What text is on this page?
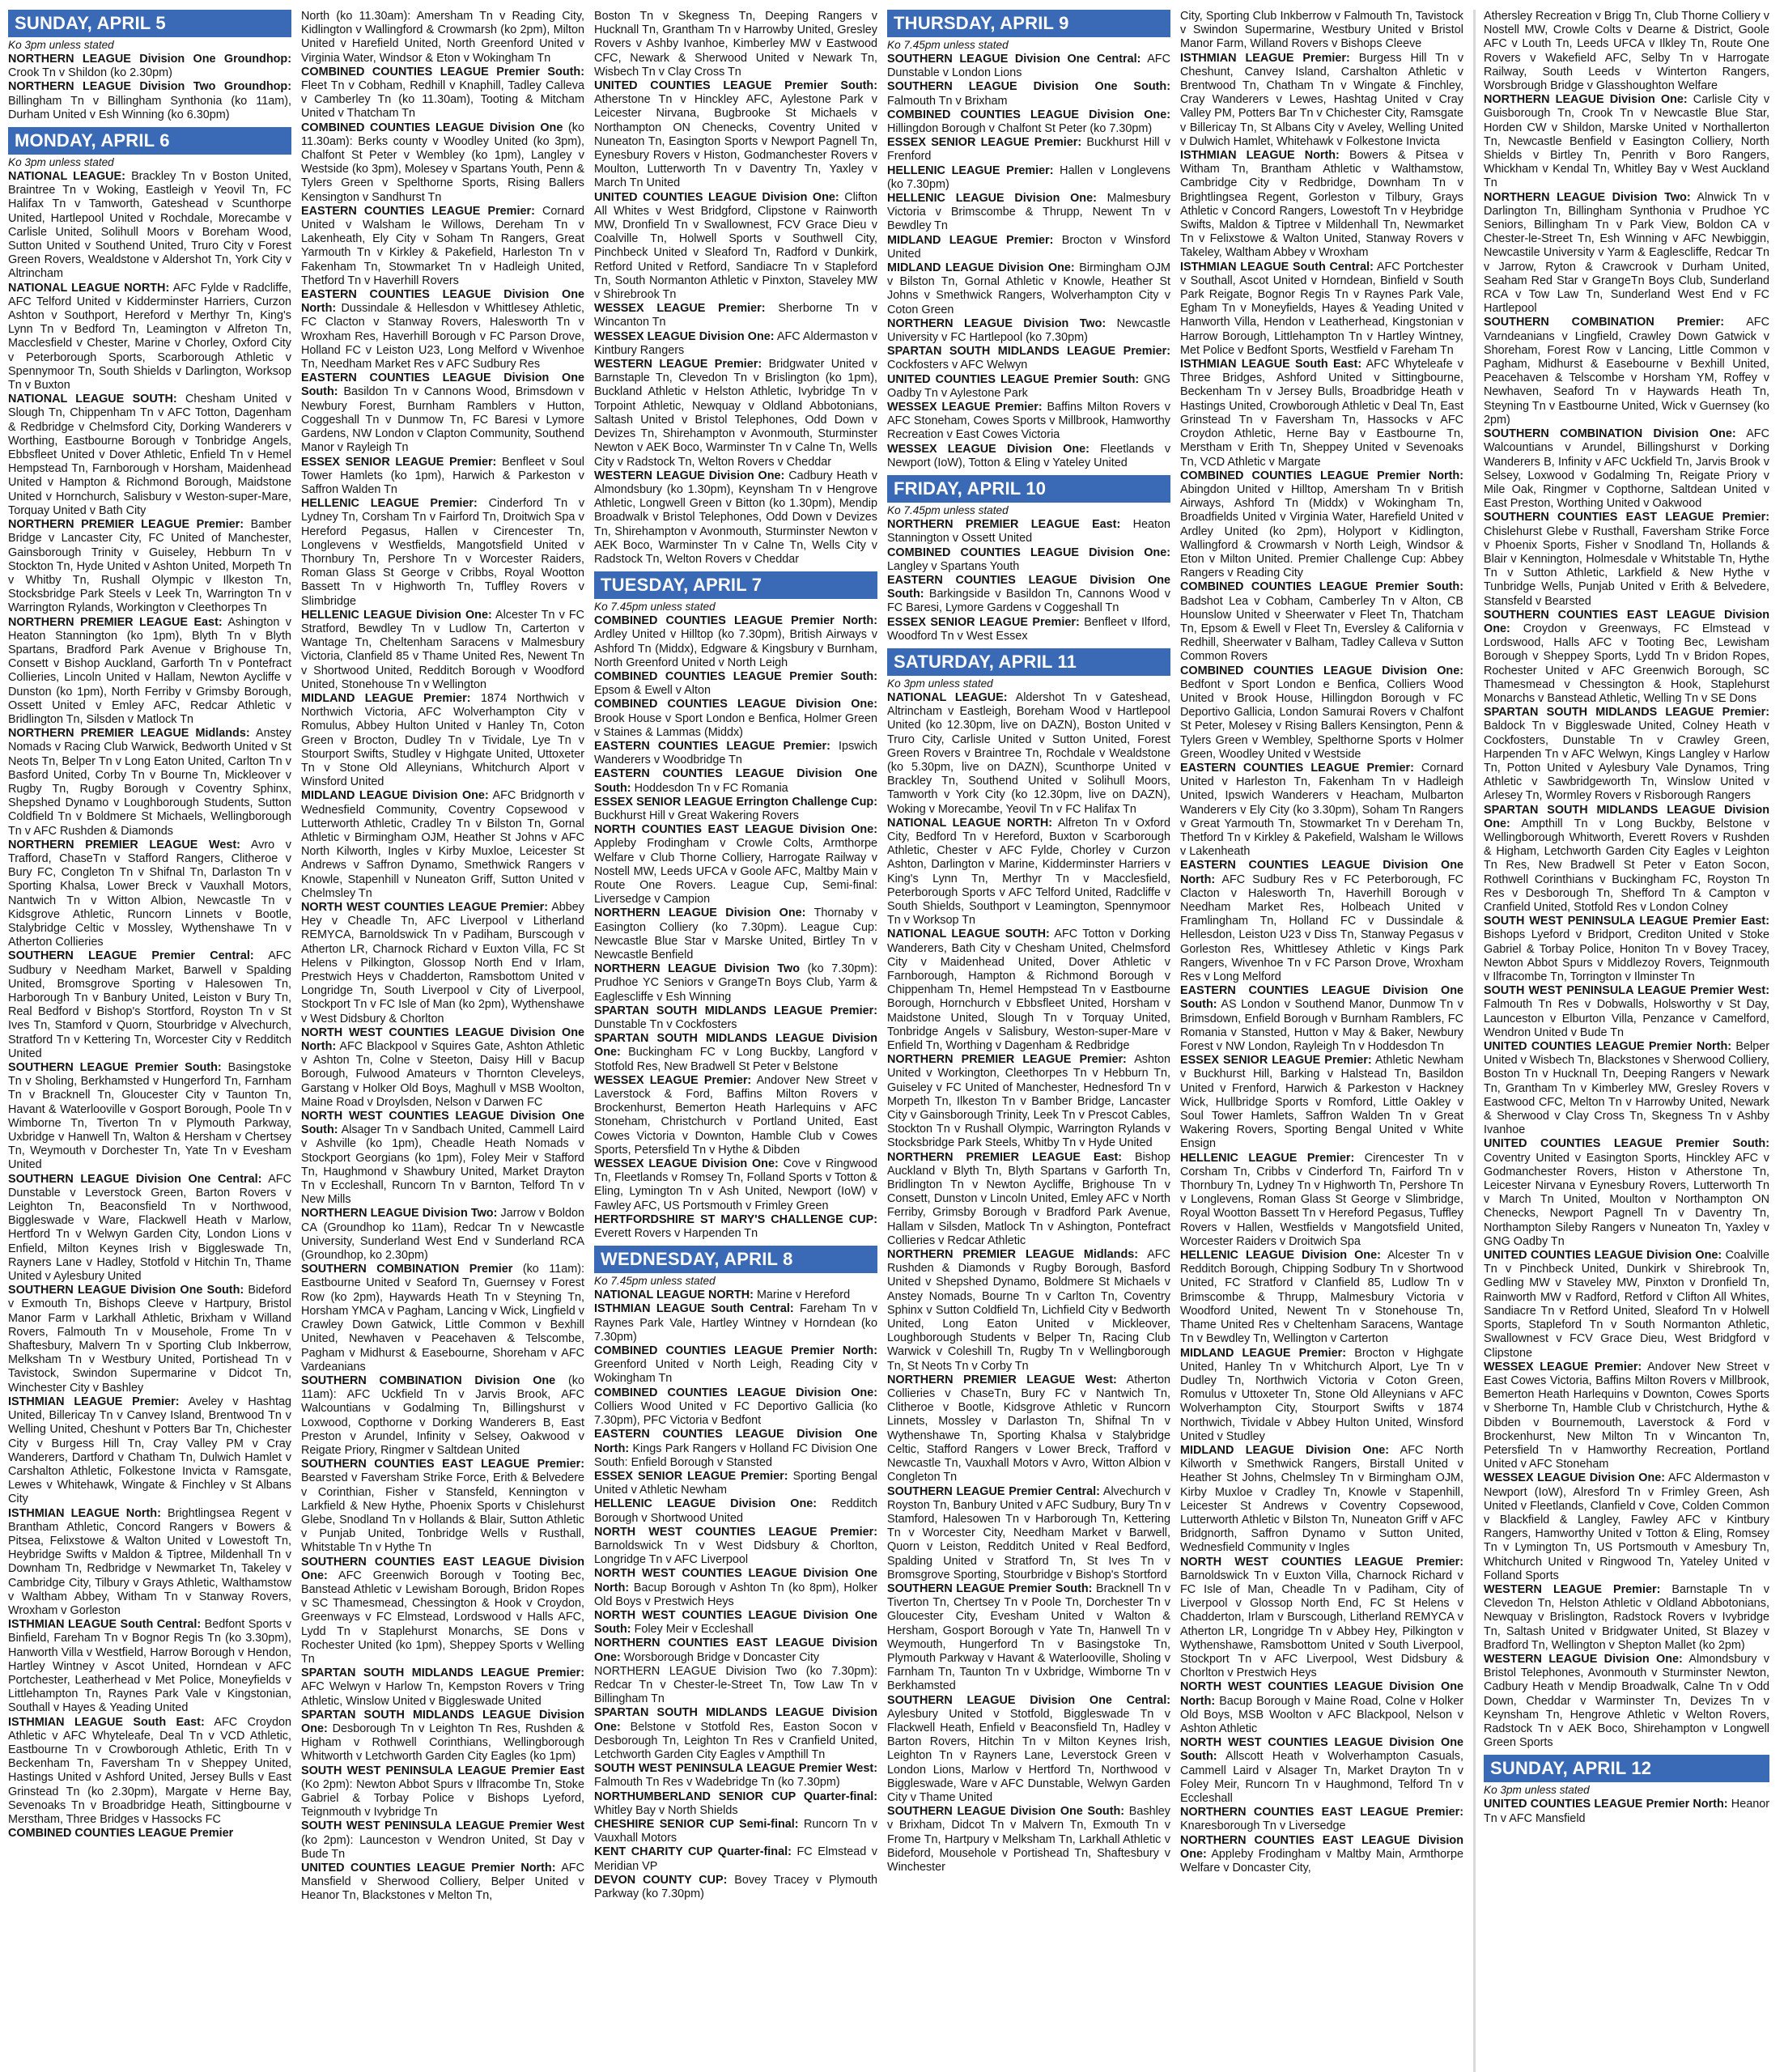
SUNDAY, APRIL 5
Ko 3pm unless stated

NORTHERN LEAGUE Division One Groundhop: Crook Tn v Shildon (ko 2.30pm)

NORTHERN LEAGUE Division Two Groundhop: Billingham Tn v Billingham Synthonia (ko 11am), Durham United v Esh Winning (ko 6.30pm)

MONDAY, APRIL 6
Ko 3pm unless stated

NATIONAL LEAGUE: Brackley Tn v Boston United, Braintree Tn v Woking, Eastleigh v Yeovil Tn, FC Halifax Tn v Tamworth, Gateshead v Scunthorpe United, Hartlepool United v Rochdale, Morecambe v Carlisle United, Solihull Moors v Boreham Wood, Sutton United v Southend United, Truro City v Forest Green Rovers, Wealdstone v Aldershot Tn, York City v Altrincham

NATIONAL LEAGUE NORTH: AFC Fylde v Radcliffe, AFC Telford United v Kidderminster Harriers, Curzon Ashton v Southport, Hereford v Merthyr Tn, King's Lynn Tn v Bedford Tn, Leamington v Alfreton Tn, Macclesfield v Chester, Marine v Chorley, Oxford City v Peterborough Sports, Scarborough Athletic v Spennymoor Tn, South Shields v Darlington, Worksop Tn v Buxton

NATIONAL LEAGUE SOUTH: Chesham United v Slough Tn, Chippenham Tn v AFC Totton, Dagenham & Redbridge v Chelmsford City, Dorking Wanderers v Worthing, Eastbourne Borough v Tonbridge Angels, Ebbsfleet United v Dover Athletic, Enfield Tn v Hemel Hempstead Tn, Farnborough v Horsham, Maidenhead United v Hampton & Richmond Borough, Maidstone United v Hornchurch, Salisbury v Weston-super-Mare, Torquay United v Bath City

NORTHERN PREMIER LEAGUE Premier: Bamber Bridge v Lancaster City, FC United of Manchester, Gainsborough Trinity v Guiseley, Hebburn Tn v Stockton Tn, Hyde United v Ashton United, Morpeth Tn v Whitby Tn, Rushall Olympic v Ilkeston Tn, Stocksbridge Park Steels v Leek Tn, Warrington Tn v Warrington Rylands, Workington v Cleethorpes Tn

NORTHERN PREMIER LEAGUE East: Ashington v Heaton Stannington (ko 1pm), Blyth Tn v Blyth Spartans, Bradford Park Avenue v Brighouse Tn, Consett v Bishop Auckland, Garforth Tn v Pontefract Collieries, Lincoln United v Hallam, Newton Aycliffe v Dunston (ko 1pm), North Ferriby v Grimsby Borough, Ossett United v Emley AFC, Redcar Athletic v Bridlington Tn, Silsden v Matlock Tn

NORTHERN PREMIER LEAGUE Midlands: Anstey Nomads v Racing Club Warwick, Bedworth United v St Neots Tn, Belper Tn v Long Eaton United, Carlton Tn v Basford United, Corby Tn v Bourne Tn, Mickleover v Rugby Tn, Rugby Borough v Coventry Sphinx, Shepshed Dynamo v Loughborough Students, Sutton Coldfield Tn v Boldmere St Michaels, Wellingborough Tn v AFC Rushden & Diamonds

NORTHERN PREMIER LEAGUE West: Avro v Trafford, ChaseTn v Stafford Rangers, Clitheroe v Bury FC, Congleton Tn v Shifnal Tn, Darlaston Tn v Sporting Khalsa, Lower Breck v Vauxhall Motors, Nantwich Tn v Witton Albion, Newcastle Tn v Kidsgrove Athletic, Runcorn Linnets v Bootle, Stalybridge Celtic v Mossley, Wythenshawe Tn v Atherton Collieries

SOUTHERN LEAGUE Premier Central: AFC Sudbury v Needham Market, Barwell v Spalding United, Bromsgrove Sporting v Halesowen Tn, Harborough Tn v Banbury United, Leiston v Bury Tn, Real Bedford v Bishop's Stortford, Royston Tn v St Ives Tn, Stamford v Quorn, Stourbridge v Alvechurch, Stratford Tn v Kettering Tn, Worcester City v Redditch United

SOUTHERN LEAGUE Premier South: Basingstoke Tn v Sholing, Berkhamsted v Hungerford Tn, Farnham Tn v Bracknell Tn, Gloucester City v Taunton Tn, Havant & Waterlooville v Gosport Borough, Poole Tn v Wimborne Tn, Tiverton Tn v Plymouth Parkway, Uxbridge v Hanwell Tn, Walton & Hersham v Chertsey Tn, Weymouth v Dorchester Tn, Yate Tn v Evesham United

SOUTHERN LEAGUE Division One Central: AFC Dunstable v Leverstock Green, Barton Rovers v Leighton Tn, Beaconsfield Tn v Northwood, Biggleswade v Ware, Flackwell Heath v Marlow, Hertford Tn v Welwyn Garden City, London Lions v Enfield, Milton Keynes Irish v Biggleswade Tn, Rayners Lane v Hadley, Stotfold v Hitchin Tn, Thame United v Aylesbury United

SOUTHERN LEAGUE Division One South: Bideford v Exmouth Tn, Bishops Cleeve v Hartpury, Bristol Manor Farm v Larkhall Athletic, Brixham v Willand Rovers, Falmouth Tn v Mousehole, Frome Tn v Shaftesbury, Malvern Tn v Sporting Club Inkberrow, Melksham Tn v Westbury United, Portishead Tn v Tavistock, Swindon Supermarine v Didcot Tn, Winchester City v Bashley

ISTHMIAN LEAGUE Premier: Aveley v Hashtag United, Billericay Tn v Canvey Island, Brentwood Tn v Welling United, Cheshunt v Potters Bar Tn, Chichester City v Burgess Hill Tn, Cray Valley PM v Cray Wanderers, Dartford v Chatham Tn, Dulwich Hamlet v Carshalton Athletic, Folkestone Invicta v Ramsgate, Lewes v Whitehawk, Wingate & Finchley v St Albans City

ISTHMIAN LEAGUE North: Brightlingsea Regent v Brantham Athletic, Concord Rangers v Bowers & Pitsea, Felixstowe & Walton United v Lowestoft Tn, Heybridge Swifts v Maldon & Tiptree, Mildenhall Tn v Downham Tn, Redbridge v Newmarket Tn, Takeley v Cambridge City, Tilbury v Grays Athletic, Walthamstow v Waltham Abbey, Witham Tn v Stanway Rovers, Wroxham v Gorleston

ISTHMIAN LEAGUE South Central: Bedfont Sports v Binfield, Fareham Tn v Bognor Regis Tn (ko 3.30pm), Hanworth Villa v Westfield, Harrow Borough v Hendon, Hartley Wintney v Ascot United, Horndean v AFC Portchester, Leatherhead v Met Police, Moneyfields v Littlehampton Tn, Raynes Park Vale v Kingstonian, Southall v Hayes & Yeading United

ISTHMIAN LEAGUE South East: AFC Croydon Athletic v AFC Whyteleafe, Deal Tn v VCD Athletic, Eastbourne Tn v Crowborough Athletic, Erith Tn v Beckenham Tn, Faversham Tn v Sheppey United, Hastings United v Ashford United, Jersey Bulls v East Grinstead Tn (ko 2.30pm), Margate v Herne Bay, Sevenoaks Tn v Broadbridge Heath, Sittingbourne v Merstham, Three Bridges v Hassocks FC

COMBINED COUNTIES LEAGUE Premier

North (ko 11.30am): Amersham Tn v Reading City, Kidlington v Wallingford & Crowmarsh (ko 2pm), Milton United v Harefield United, North Greenford United v Virginia Water, Windsor & Eton v Wokingham Tn

COMBINED COUNTIES LEAGUE Premier South: Fleet Tn v Cobham, Redhill v Knaphill, Tadley Calleva v Camberley Tn (ko 11.30am), Tooting & Mitcham United v Thatcham Tn

COMBINED COUNTIES LEAGUE Division One (ko 11.30am): Berks county v Woodley United (ko 3pm), Chalfont St Peter v Wembley (ko 1pm), Langley v Westside (ko 3pm), Molesey v Spartans Youth, Penn & Tylers Green v Spelthorne Sports, Rising Ballers Kensington v Sandhurst Tn

EASTERN COUNTIES LEAGUE Premier: Cornard United v Walsham le Willows, Dereham Tn v Lakenheath, Ely City v Soham Tn Rangers, Great Yarmouth Tn v Kirkley & Pakefield, Harleston Tn v Fakenham Tn, Stowmarket Tn v Hadleigh United, Thetford Tn v Haverhill Rovers

EASTERN COUNTIES LEAGUE Division One North: Dussindale & Hellesdon v Whittlesey Athletic, FC Clacton v Stanway Rovers, Halesworth Tn v Wroxham Res, Haverhill Borough v FC Parson Drove, Holland FC v Leiston U23, Long Melford v Wivenhoe Tn, Needham Market Res v AFC Sudbury Res

EASTERN COUNTIES LEAGUE Division One South: Basildon Tn v Cannons Wood, Brimsdown v Newbury Forest, Burnham Ramblers v Hutton, Coggeshall Tn v Dunmow Tn, FC Baresi v Lymore Gardens, NW London v Clapton Community, Southend Manor v Rayleigh Tn

ESSEX SENIOR LEAGUE Premier: Benfleet v Soul Tower Hamlets (ko 1pm), Harwich & Parkeston v Saffron Walden Tn

HELLENIC LEAGUE Premier: Cinderford Tn v Lydney Tn, Corsham Tn v Fairford Tn, Droitwich Spa v Hereford Pegasus, Hallen v Cirencester Tn, Longlevens v Westfields, Mangotsfield United v Thornbury Tn, Pershore Tn v Worcester Raiders, Roman Glass St George v Cribbs, Royal Wootton Bassett Tn v Highworth Tn, Tuffley Rovers v Slimbridge

HELLENIC LEAGUE Division One: Alcester Tn v FC Stratford, Bewdley Tn v Ludlow Tn, Carterton v Wantage Tn, Cheltenham Saracens v Malmesbury Victoria, Clanfield 85 v Thame United Res, Newent Tn v Shortwood United, Redditch Borough v Woodford United, Stonehouse Tn v Wellington

MIDLAND LEAGUE Premier: 1874 Northwich v Northwich Victoria, AFC Wolverhampton City v Romulus, Abbey Hulton United v Hanley Tn, Coton Green v Brocton, Dudley Tn v Tividale, Lye Tn v Stourport Swifts, Studley v Highgate United, Uttoxeter Tn v Stone Old Alleynians, Whitchurch Alport v Winsford United

MIDLAND LEAGUE Division One: AFC Bridgnorth v Wednesfield Community, Coventry Copsewood v Lutterworth Athletic, Cradley Tn v Bilston Tn, Gornal Athletic v Birmingham OJM, Heather St Johns v AFC North Kilworth, Ingles v Kirby Muxloe, Leicester St Andrews v Saffron Dynamo, Smethwick Rangers v Knowle, Stapenhill v Nuneaton Griff, Sutton United v Chelmsley Tn

NORTH WEST COUNTIES LEAGUE Premier: Abbey Hey v Cheadle Tn, AFC Liverpool v Litherland REMYCA, Barnoldswick Tn v Padiham, Burscough v Atherton LR, Charnock Richard v Euxton Villa, FC St Helens v Pilkington, Glossop North End v Irlam, Prestwich Heys v Chadderton, Ramsbottom United v Longridge Tn, South Liverpool v City of Liverpool, Stockport Tn v FC Isle of Man (ko 2pm), Wythenshawe v West Didsbury & Chorlton

NORTH WEST COUNTIES LEAGUE Division One North: AFC Blackpool v Squires Gate, Ashton Athletic v Ashton Tn, Colne v Steeton, Daisy Hill v Bacup Borough, Fulwood Amateurs v Thornton Cleveleys, Garstang v Holker Old Boys, Maghull v MSB Woolton, Maine Road v Droylsden, Nelson v Darwen FC

NORTH WEST COUNTIES LEAGUE Division One South: Alsager Tn v Sandbach United, Cammell Laird v Ashville (ko 1pm), Cheadle Heath Nomads v Stockport Georgians (ko 1pm), Foley Meir v Stafford Tn, Haughmond v Shawbury United, Market Drayton Tn v Eccleshall, Runcorn Tn v Barnton, Telford Tn v New Mills

NORTHERN LEAGUE Division Two: Jarrow v Boldon CA (Groundhop ko 11am), Redcar Tn v Newcastle University, Sunderland West End v Sunderland RCA (Groundhop, ko 2.30pm)

SOUTHERN COMBINATION Premier (ko 11am): Eastbourne United v Seaford Tn, Guernsey v Forest Row (ko 2pm), Haywards Heath Tn v Steyning Tn, Horsham YMCA v Pagham, Lancing v Wick, Lingfield v Crawley Down Gatwick, Little Common v Bexhill United, Newhaven v Peacehaven & Telscombe, Pagham v Midhurst & Easebourne, Shoreham v AFC Vardeanians

SOUTHERN COMBINATION Division One (ko 11am): AFC Uckfield Tn v Jarvis Brook, AFC Walcountians v Godalming Tn, Billingshurst v Loxwood, Copthorne v Dorking Wanderers B, East Preston v Arundel, Infinity v Selsey, Oakwood v Reigate Priory, Ringmer v Saltdean United

SOUTHERN COUNTIES EAST LEAGUE Premier: Bearsted v Faversham Strike Force, Erith & Belvedere v Corinthian, Fisher v Stansfeld, Kennington v Larkfield & New Hythe, Phoenix Sports v Chislehurst Glebe, Snodland Tn v Hollands & Blair, Sutton Athletic v Punjab United, Tonbridge Wells v Rusthall, Whitstable Tn v Hythe Tn

SOUTHERN COUNTIES EAST LEAGUE Division One: AFC Greenwich Borough v Tooting Bec, Banstead Athletic v Lewisham Borough, Bridon Ropes v SC Thamesmead, Chessington & Hook v Croydon, Greenways v FC Elmstead, Lordswood v Halls AFC, Lydd Tn v Staplehurst Monarchs, SE Dons v Rochester United (ko 1pm), Sheppey Sports v Welling Tn

SPARTAN SOUTH MIDLANDS LEAGUE Premier: AFC Welwyn v Harlow Tn, Kempston Rovers v Tring Athletic, Winslow United v Biggleswade United

SPARTAN SOUTH MIDLANDS LEAGUE Division One: Desborough Tn v Leighton Tn Res, Rushden & Higham v Rothwell Corinthians, Wellingborough Whitworth v Letchworth Garden City Eagles (ko 1pm)

SOUTH WEST PENINSULA LEAGUE Premier East (Ko 2pm): Newton Abbot Spurs v Ilfracombe Tn, Stoke Gabriel & Torbay Police v Bishops Lyeford, Teignmouth v Ivybridge Tn

SOUTH WEST PENINSULA LEAGUE Premier West (ko 2pm): Launceston v Wendron United, St Day v Bude Tn

UNITED COUNTIES LEAGUE Premier North: AFC Mansfield v Sherwood Colliery, Belper United v Heanor Tn, Blackstones v Melton Tn,

Boston Tn v Skegness Tn, Deeping Rangers v Hucknall Tn, Grantham Tn v Harrowby United, Gresley Rovers v Ashby Ivanhoe, Kimberley MW v Eastwood CFC, Newark & Sherwood United v Newark Tn, Wisbech Tn v Clay Cross Tn

UNITED COUNTIES LEAGUE Premier South: Atherstone Tn v Hinckley AFC, Aylestone Park v Leicester Nirvana, Bugbrooke St Michaels v Northampton ON Chenecks, Coventry United v Nuneaton Tn, Easington Sports v Newport Pagnell Tn, Eynesbury Rovers v Histon, Godmanchester Rovers v Moulton, Lutterworth Tn v Daventry Tn, Yaxley v March Tn United

UNITED COUNTIES LEAGUE Division One: Clifton All Whites v West Bridgford, Clipstone v Rainworth MW, Dronfield Tn v Swallownest, FCV Grace Dieu v Coalville Tn, Holwell Sports v Southwell City, Pinchbeck United v Sleaford Tn, Radford v Dunkirk, Retford United v Retford, Sandiacre Tn v Stapleford Tn, South Normanton Athletic v Pinxton, Staveley MW v Shirebrook Tn

WESSEX LEAGUE Premier: Sherborne Tn v Wincanton Tn

WESSEX LEAGUE Division One: AFC Aldermaston v Kintbury Rangers

WESTERN LEAGUE Premier: Bridgwater United v Barnstaple Tn, Clevedon Tn v Brislington (ko 1pm), Buckland Athletic v Helston Athletic, Ivybridge Tn v Torpoint Athletic, Newquay v Oldland Abbotonians, Saltash United v Bristol Telephones, Odd Down v Devizes Tn, Shirehampton v Avonmouth, Sturminster Newton v AEK Boco, Warminster Tn v Calne Tn, Wells City v Radstock Tn, Welton Rovers v Cheddar

WESTERN LEAGUE Division One: Cadbury Heath v Almondsbury (ko 1.30pm), Keynsham Tn v Hengrove Athletic, Longwell Green v Bitton (ko 1.30pm), Mendip Broadwalk v Bristol Telephones, Odd Down v Devizes Tn, Shirehampton v Avonmouth, Sturminster Newton v AEK Boco, Warminster Tn v Calne Tn, Wells City v Radstock Tn, Welton Rovers v Cheddar

TUESDAY, APRIL 7
Ko 7.45pm unless stated

COMBINED COUNTIES LEAGUE Premier North: Ardley United v Hilltop (ko 7.30pm), British Airways v Ashford Tn (Middx), Edgware & Kingsbury v Burnham, North Greenford United v North Leigh

COMBINED COUNTIES LEAGUE Premier South: Epsom & Ewell v Alton

COMBINED COUNTIES LEAGUE Division One: Brook House v Sport London e Benfica, Holmer Green v Staines & Lammas (Middx)

EASTERN COUNTIES LEAGUE Premier: Ipswich Wanderers v Woodbridge Tn

EASTERN COUNTIES LEAGUE Division One South: Hoddesdon Tn v FC Romania

ESSEX SENIOR LEAGUE Errington Challenge Cup: Buckhurst Hill v Great Wakering Rovers

NORTH COUNTIES EAST LEAGUE Division One: Appleby Frodingham v Crowle Colts, Armthorpe Welfare v Club Thorne Colliery, Harrogate Railway v Nostell MW, Leeds UFCA v Goole AFC, Maltby Main v Route One Rovers. League Cup, Semi-final: Liversedge v Campion

NORTHERN LEAGUE Division One: Thornaby v Easington Colliery (ko 7.30pm). League Cup: Newcastle Blue Star v Marske United, Birtley Tn v Newcastle Benfield

NORTHERN LEAGUE Division Two (ko 7.30pm): Prudhoe YC Seniors v GrangeTn Boys Club, Yarm & Eaglescliffe v Esh Winning

SPARTAN SOUTH MIDLANDS LEAGUE Premier: Dunstable Tn v Cockfosters

SPARTAN SOUTH MIDLANDS LEAGUE Division One: Buckingham FC v Long Buckby, Langford v Stotfold Res, New Bradwell St Peter v Belstone

WESSEX LEAGUE Premier: Andover New Street v Laverstock & Ford, Baffins Milton Rovers v Brockenhurst, Bemerton Heath Harlequins v AFC Stoneham, Christchurch v Portland United, East Cowes Victoria v Downton, Hamble Club v Cowes Sports, Petersfield Tn v Hythe & Dibden

WESSEX LEAGUE Division One: Cove v Ringwood Tn, Fleetlands v Romsey Tn, Folland Sports v Totton & Eling, Lymington Tn v Ash United, Newport (IoW) v Fawley AFC, US Portsmouth v Frimley Green

HERTFORDSHIRE ST MARY'S CHALLENGE CUP: Everett Rovers v Harpenden Tn

WEDNESDAY, APRIL 8
Ko 7.45pm unless stated

NATIONAL LEAGUE NORTH: Marine v Hereford

ISTHMIAN LEAGUE South Central: Fareham Tn v Raynes Park Vale, Hartley Wintney v Horndean (ko 7.30pm)

COMBINED COUNTIES LEAGUE Premier North: Greenford United v North Leigh, Reading City v Wokingham Tn

COMBINED COUNTIES LEAGUE Division One: Colliers Wood United v FC Deportivo Gallicia (ko 7.30pm), PFC Victoria v Bedfont

EASTERN COUNTIES LEAGUE Division One North: Kings Park Rangers v Holland FC Division One South: Enfield Borough v Stansted

ESSEX SENIOR LEAGUE Premier: Sporting Bengal United v Athletic Newham

HELLENIC LEAGUE Division One: Redditch Borough v Shortwood United

NORTH WEST COUNTIES LEAGUE Premier: Barnoldswick Tn v West Didsbury & Chorlton, Longridge Tn v AFC Liverpool

NORTH WEST COUNTIES LEAGUE Division One North: Bacup Borough v Ashton Tn (ko 8pm), Holker Old Boys v Prestwich Heys

NORTH WEST COUNTIES LEAGUE Division One South: Foley Meir v Eccleshall

NORTHERN COUNTIES EAST LEAGUE Division One: Worsborough Bridge v Doncaster City

NORTHERN LEAGUE Division Two (ko 7.30pm): Redcar Tn v Chester-le-Street Tn, Tow Law Tn v Billingham Tn

SPARTAN SOUTH MIDLANDS LEAGUE Division One: Belstone v Stotfold Res, Easton Socon v Desborough Tn, Leighton Tn Res v Cranfield United, Letchworth Garden City Eagles v Ampthill Tn

SOUTH WEST PENINSULA LEAGUE Premier West: Falmouth Tn Res v Wadebridge Tn (ko 7.30pm)

NORTHUMBERLAND SENIOR CUP Quarter-final: Whitley Bay v North Shields

CHESHIRE SENIOR CUP Semi-final: Runcorn Tn v Vauxhall Motors

KENT CHARITY CUP Quarter-final: FC Elmstead v Meridian VP

DEVON COUNTY CUP: Bovey Tracey v Plymouth Parkway (ko 7.30pm)

THURSDAY, APRIL 9
Ko 7.45pm unless stated

SOUTHERN LEAGUE Division One Central: AFC Dunstable v London Lions

SOUTHERN LEAGUE Division One South: Falmouth Tn v Brixham

COMBINED COUNTIES LEAGUE Division One: Hillingdon Borough v Chalfont St Peter (ko 7.30pm)

ESSEX SENIOR LEAGUE Premier: Buckhurst Hill v Frenford

HELLENIC LEAGUE Premier: Hallen v Longlevens (ko 7.30pm)

HELLENIC LEAGUE Division One: Malmesbury Victoria v Brimscombe & Thrupp, Newent Tn v Bewdley Tn

MIDLAND LEAGUE Premier: Brocton v Winsford United

MIDLAND LEAGUE Division One: Birmingham OJM v Bilston Tn, Gornal Athletic v Knowle, Heather St Johns v Smethwick Rangers, Wolverhampton City v Coton Green

NORTHERN LEAGUE Division Two: Newcastle University v FC Hartlepool (ko 7.30pm)

SPARTAN SOUTH MIDLANDS LEAGUE Premier: Cockfosters v AFC Welwyn

UNITED COUNTIES LEAGUE Premier South: GNG Oadby Tn v Aylestone Park

WESSEX LEAGUE Premier: Baffins Milton Rovers v AFC Stoneham, Cowes Sports v Millbrook, Hamworthy Recreation v East Cowes Victoria

WESSEX LEAGUE Division One: Fleetlands v Newport (IoW), Totton & Eling v Yateley United

FRIDAY, APRIL 10
Ko 7.45pm unless stated

NORTHERN PREMIER LEAGUE East: Heaton Stannington v Ossett United

COMBINED COUNTIES LEAGUE Division One: Langley v Spartans Youth

EASTERN COUNTIES LEAGUE Division One South: Barkingside v Basildon Tn, Cannons Wood v FC Baresi, Lymore Gardens v Coggeshall Tn

ESSEX SENIOR LEAGUE Premier: Benfleet v Ilford, Woodford Tn v West Essex

SATURDAY, APRIL 11
Ko 3pm unless stated

NATIONAL LEAGUE: Aldershot Tn v Gateshead, Altrincham v Eastleigh, Boreham Wood v Hartlepool United (ko 12.30pm, live on DAZN), Boston United v Truro City, Carlisle United v Sutton United, Forest Green Rovers v Braintree Tn, Rochdale v Wealdstone (ko 5.30pm, live on DAZN), Scunthorpe United v Brackley Tn, Southend United v Solihull Moors, Tamworth v York City (ko 12.30pm, live on DAZN), Woking v Morecambe, Yeovil Tn v FC Halifax Tn

NATIONAL LEAGUE NORTH: Alfreton Tn v Oxford City, Bedford Tn v Hereford, Buxton v Scarborough Athletic, Chester v AFC Fylde, Chorley v Curzon Ashton, Darlington v Marine, Kidderminster Harriers v King's Lynn Tn, Merthyr Tn v Macclesfield, Peterborough Sports v AFC Telford United, Radcliffe v South Shields, Southport v Leamington, Spennymoor Tn v Worksop Tn

NATIONAL LEAGUE SOUTH: AFC Totton v Dorking Wanderers, Bath City v Chesham United, Chelmsford City v Maidenhead United, Dover Athletic v Farnborough, Hampton & Richmond Borough v Chippenham Tn, Hemel Hempstead Tn v Eastbourne Borough, Hornchurch v Ebbsfleet United, Horsham v Maidstone United, Slough Tn v Torquay United, Tonbridge Angels v Salisbury, Weston-super-Mare v Enfield Tn, Worthing v Dagenham & Redbridge

NORTHERN PREMIER LEAGUE Premier: Ashton United v Workington, Cleethorpes Tn v Hebburn Tn, Guiseley v FC United of Manchester, Hednesford Tn v Morpeth Tn, Ilkeston Tn v Bamber Bridge, Lancaster City v Gainsborough Trinity, Leek Tn v Prescot Cables, Stockton Tn v Rushall Olympic, Warrington Rylands v Stocksbridge Park Steels, Whitby Tn v Hyde United

NORTHERN PREMIER LEAGUE East: Bishop Auckland v Blyth Tn, Blyth Spartans v Garforth Tn, Bridlington Tn v Newton Aycliffe, Brighouse Tn v Consett, Dunston v Lincoln United, Emley AFC v North Ferriby, Grimsby Borough v Bradford Park Avenue, Hallam v Silsden, Matlock Tn v Ashington, Pontefract Collieries v Redcar Athletic

NORTHERN PREMIER LEAGUE Midlands: AFC Rushden & Diamonds v Rugby Borough, Basford United v Shepshed Dynamo, Boldmere St Michaels v Anstey Nomads, Bourne Tn v Carlton Tn, Coventry Sphinx v Sutton Coldfield Tn, Lichfield City v Bedworth United, Long Eaton United v Mickleover, Loughborough Students v Belper Tn, Racing Club Warwick v Coleshill Tn, Rugby Tn v Wellingborough Tn, St Neots Tn v Corby Tn

NORTHERN PREMIER LEAGUE West: Atherton Collieries v ChaseTn, Bury FC v Nantwich Tn, Clitheroe v Bootle, Kidsgrove Athletic v Runcorn Linnets, Mossley v Darlaston Tn, Shifnal Tn v Wythenshawe Tn, Sporting Khalsa v Stalybridge Celtic, Stafford Rangers v Lower Breck, Trafford v Newcastle Tn, Vauxhall Motors v Avro, Witton Albion v Congleton Tn

SOUTHERN LEAGUE Premier Central: Alvechurch v Royston Tn, Banbury United v AFC Sudbury, Bury Tn v Stamford, Halesowen Tn v Harborough Tn, Kettering Tn v Worcester City, Needham Market v Barwell, Quorn v Leiston, Redditch United v Real Bedford, Spalding United v Stratford Tn, St Ives Tn v Bromsgrove Sporting, Stourbridge v Bishop's Stortford

SOUTHERN LEAGUE Premier South: Bracknell Tn v Tiverton Tn, Chertsey Tn v Poole Tn, Dorchester Tn v Gloucester City, Evesham United v Walton & Hersham, Gosport Borough v Yate Tn, Hanwell Tn v Weymouth, Hungerford Tn v Basingstoke Tn, Plymouth Parkway v Havant & Waterlooville, Sholing v Farnham Tn, Taunton Tn v Uxbridge, Wimborne Tn v Berkhamsted

SOUTHERN LEAGUE Division One Central: Aylesbury United v Stotfold, Biggleswade Tn v Flackwell Heath, Enfield v Beaconsfield Tn, Hadley v Barton Rovers, Hitchin Tn v Milton Keynes Irish, Leighton Tn v Rayners Lane, Leverstock Green v London Lions, Marlow v Hertford Tn, Northwood v Biggleswade, Ware v AFC Dunstable, Welwyn Garden City v Thame United

SOUTHERN LEAGUE Division One South: Bashley v Brixham, Didcot Tn v Malvern Tn, Exmouth Tn v Frome Tn, Hartpury v Melksham Tn, Larkhall Athletic v Bideford, Mousehole v Portishead Tn, Shaftesbury v Winchester

City, Sporting Club Inkberrow v Falmouth Tn, Tavistock v Swindon Supermarine, Westbury United v Bristol Manor Farm, Willand Rovers v Bishops Cleeve

ISTHMIAN LEAGUE Premier: Burgess Hill Tn v Cheshunt, Canvey Island, Carshalton Athletic v Brentwood Tn, Chatham Tn v Wingate & Finchley, Cray Wanderers v Lewes, Hashtag United v Cray Valley PM, Potters Bar Tn v Chichester City, Ramsgate v Billericay Tn, St Albans City v Aveley, Welling United v Dulwich Hamlet, Whitehawk v Folkestone Invicta

ISTHMIAN LEAGUE North: Bowers & Pitsea v Witham Tn, Brantham Athletic v Walthamstow, Cambridge City v Redbridge, Downham Tn v Brightlingsea Regent, Gorleston v Tilbury, Grays Athletic v Concord Rangers, Lowestoft Tn v Heybridge Swifts, Maldon & Tiptree v Mildenhall Tn, Newmarket Tn v Felixstowe & Walton United, Stanway Rovers v Takeley, Waltham Abbey v Wroxham

ISTHMIAN LEAGUE South Central: AFC Portchester v Southall, Ascot United v Horndean, Binfield v South Park Reigate, Bognor Regis Tn v Raynes Park Vale, Egham Tn v Moneyfields, Hayes & Yeading United v Hanworth Villa, Hendon v Leatherhead, Kingstonian v Harrow Borough, Littlehampton Tn v Hartley Wintney, Met Police v Bedfont Sports, Westfield v Fareham Tn

ISTHMIAN LEAGUE South East: AFC Whyteleafe v Three Bridges, Ashford United v Sittingbourne, Beckenham Tn v Jersey Bulls, Broadbridge Heath v Hastings United, Crowborough Athletic v Deal Tn, East Grinstead Tn v Faversham Tn, Hassocks v AFC Croydon Athletic, Herne Bay v Eastbourne Tn, Merstham v Erith Tn, Sheppey United v Sevenoaks Tn, VCD Athletic v Margate

COMBINED COUNTIES LEAGUE Premier North: Abingdon United v Hilltop, Amersham Tn v British Airways, Ashford Tn (Middx) v Wokingham Tn, Broadfields United v Virginia Water, Harefield United v Ardley United (ko 2pm), Holyport v Kidlington, Wallingford & Crowmarsh v North Leigh, Windsor & Eton v Milton United. Premier Challenge Cup: Abbey Rangers v Reading City

COMBINED COUNTIES LEAGUE Premier South: Badshot Lea v Cobham, Camberley Tn v Alton, CB Hounslow United v Sheerwater v Fleet Tn, Thatcham Tn, Epsom & Ewell v Fleet Tn, Eversley & California v Redhill, Sheerwater v Balham, Tadley Calleva v Sutton Common Rovers

COMBINED COUNTIES LEAGUE Division One: Bedfont v Sport London e Benfica, Colliers Wood United v Brook House, Hillingdon Borough v FC Deportivo Gallicia, London Samurai Rovers v Chalfont St Peter, Molesey v Rising Ballers Kensington, Penn & Tylers Green v Wembley, Spelthorne Sports v Holmer Green, Woodley United v Westside

EASTERN COUNTIES LEAGUE Premier: Cornard United v Harleston Tn, Fakenham Tn v Hadleigh United, Ipswich Wanderers v Heacham, Mulbarton Wanderers v Ely City (ko 3.30pm), Soham Tn Rangers v Great Yarmouth Tn, Stowmarket Tn v Dereham Tn, Thetford Tn v Kirkley & Pakefield, Walsham le Willows v Lakenheath

EASTERN COUNTIES LEAGUE Division One North: AFC Sudbury Res v FC Peterborough, FC Clacton v Halesworth Tn, Haverhill Borough v Needham Market Res, Holbeach United v Framlingham Tn, Holland FC v Dussindale & Hellesdon, Leiston U23 v Diss Tn, Stanway Pegasus v Gorleston Res, Whittlesey Athletic v Kings Park Rangers, Wivenhoe Tn v FC Parson Drove, Wroxham Res v Long Melford

EASTERN COUNTIES LEAGUE Division One South: AS London v Southend Manor, Dunmow Tn v Brimsdown, Enfield Borough v Burnham Ramblers, FC Romania v Stansted, Hutton v May & Baker, Newbury Forest v NW London, Rayleigh Tn v Hoddesdon Tn

ESSEX SENIOR LEAGUE Premier: Athletic Newham v Buckhurst Hill, Barking v Halstead Tn, Basildon United v Frenford, Harwich & Parkeston v Hackney Wick, Hullbridge Sports v Romford, Little Oakley v Soul Tower Hamlets, Saffron Walden Tn v Great Wakering Rovers, Sporting Bengal United v White Ensign

HELLENIC LEAGUE Premier: Cirencester Tn v Corsham Tn, Cribbs v Cinderford Tn, Fairford Tn v Thornbury Tn, Lydney Tn v Highworth Tn, Pershore Tn v Longlevens, Roman Glass St George v Slimbridge, Royal Wootton Bassett Tn v Hereford Pegasus, Tuffley Rovers v Hallen, Westfields v Mangotsfield United, Worcester Raiders v Droitwich Spa

HELLENIC LEAGUE Division One: Alcester Tn v Redditch Borough, Chipping Sodbury Tn v Shortwood United, FC Stratford v Clanfield 85, Ludlow Tn v Brimscombe & Thrupp, Malmesbury Victoria v Woodford United, Newent Tn v Stonehouse Tn, Thame United Res v Cheltenham Saracens, Wantage Tn v Bewdley Tn, Wellington v Carterton

MIDLAND LEAGUE Premier: Brocton v Highgate United, Hanley Tn v Whitchurch Alport, Lye Tn v Dudley Tn, Northwich Victoria v Coton Green, Romulus v Uttoxeter Tn, Stone Old Alleynians v AFC Wolverhampton City, Stourport Swifts v 1874 Northwich, Tividale v Abbey Hulton United, Winsford United v Studley

MIDLAND LEAGUE Division One: AFC North Kilworth v Smethwick Rangers, Birstall United v Heather St Johns, Chelmsley Tn v Birmingham OJM, Kirby Muxloe v Cradley Tn, Knowle v Stapenhill, Leicester St Andrews v Coventry Copsewood, Lutterworth Athletic v Bilston Tn, Nuneaton Griff v AFC Bridgnorth, Saffron Dynamo v Sutton United, Wednesfield Community v Ingles

NORTH WEST COUNTIES LEAGUE Premier: Barnoldswick Tn v Euxton Villa, Charnock Richard v FC Isle of Man, Cheadle Tn v Padiham, City of Liverpool v Glossop North End, FC St Helens v Chadderton, Irlam v Burscough, Litherland REMYCA v Atherton LR, Longridge Tn v Abbey Hey, Pilkington v Wythenshawe, Ramsbottom United v South Liverpool, Stockport Tn v AFC Liverpool, West Didsbury & Chorlton v Prestwich Heys

NORTH WEST COUNTIES LEAGUE Division One North: Bacup Borough v Maine Road, Colne v Holker Old Boys, MSB Woolton v AFC Blackpool, Nelson v Ashton Athletic

NORTH WEST COUNTIES LEAGUE Division One South: Allscott Heath v Wolverhampton Casuals, Cammell Laird v Alsager Tn, Market Drayton Tn v Foley Meir, Runcorn Tn v Haughmond, Telford Tn v Eccleshall

NORTHERN COUNTIES EAST LEAGUE Premier: Knaresborough Tn v Liversedge

NORTHERN COUNTIES EAST LEAGUE Division One: Appleby Frodingham v Maltby Main, Armthorpe Welfare v Doncaster City,

Athersley Recreation v Brigg Tn, Club Thorne Colliery v Nostell MW, Crowle Colts v Dearne & District, Goole AFC v Louth Tn, Leeds UFCA v Ilkley Tn, Route One Rovers v Wakefield AFC, Selby Tn v Harrogate Railway, South Leeds v Winterton Rangers, Worsbrough Bridge v Glasshoughton Welfare

NORTHERN LEAGUE Division One: Carlisle City v Guisborough Tn, Crook Tn v Newcastle Blue Star, Horden CW v Shildon, Marske United v Northallerton Tn, Newcastle Benfield v Easington Colliery, North Shields v Birtley Tn, Penrith v Boro Rangers, Whickham v Kendal Tn, Whitley Bay v West Auckland Tn

NORTHERN LEAGUE Division Two: Alnwick Tn v Darlington Tn, Billingham Synthonia v Prudhoe YC Seniors, Billingham Tn v Park View, Boldon CA v Chester-le-Street Tn, Esh Winning v AFC Newbiggin, Newcastile University v Yarm & Eaglescliffe, Redcar Tn v Jarrow, Ryton & Crawcrook v Durham United, Seaham Red Star v GrangeTn Boys Club, Sunderland RCA v Tow Law Tn, Sunderland West End v FC Hartlepool

SOUTHERN COMBINATION Premier: AFC Varndeanians v Lingfield, Crawley Down Gatwick v Shoreham, Forest Row v Lancing, Little Common v Pagham, Midhurst & Easebourne v Bexhill United, Peacehaven & Telscombe v Horsham YM, Roffey v Newhaven, Seaford Tn v Haywards Heath Tn, Steyning Tn v Eastbourne United, Wick v Guernsey (ko 2pm)

SOUTHERN COMBINATION Division One: AFC Walcountians v Arundel, Billingshurst v Dorking Wanderers B, Infinity v AFC Uckfield Tn, Jarvis Brook v Selsey, Loxwood v Godalming Tn, Reigate Priory v Mile Oak, Ringmer v Copthorne, Saltdean United v East Preston, Worthing United v Oakwood

SOUTHERN COUNTIES EAST LEAGUE Premier: Chislehurst Glebe v Rusthall, Faversham Strike Force v Phoenix Sports, Fisher v Snodland Tn, Hollands & Blair v Kennington, Holmesdale v Whitstable Tn, Hythe Tn v Sutton Athletic, Larkfield & New Hythe v Tunbridge Wells, Punjab United v Erith & Belvedere, Stansfeld v Bearsted

SOUTHERN COUNTIES EAST LEAGUE Division One: Croydon v Greenways, FC Elmstead v Lordswood, Halls AFC v Tooting Bec, Lewisham Borough v Sheppey Sports, Lydd Tn v Bridon Ropes, Rochester United v AFC Greenwich Borough, SC Thamesmead v Chessington & Hook, Staplehurst Monarchs v Banstead Athletic, Welling Tn v SE Dons

SPARTAN SOUTH MIDLANDS LEAGUE Premier: Baldock Tn v Biggleswade United, Colney Heath v Cockfosters, Dunstable Tn v Crawley Green, Harpenden Tn v AFC Welwyn, Kings Langley v Harlow Tn, Potton United v Aylesbury Vale Dynamos, Tring Athletic v Sawbridgeworth Tn, Winslow United v Arlesey Tn, Wormley Rovers v Risborough Rangers

SPARTAN SOUTH MIDLANDS LEAGUE Division One: Ampthill Tn v Long Buckby, Belstone v Wellingborough Whitworth, Everett Rovers v Rushden & Higham, Letchworth Garden City Eagles v Leighton Tn Res, New Bradwell St Peter v Eaton Socon, Rothwell Corinthians v Buckingham FC, Royston Tn Res v Desborough Tn, Shefford Tn & Campton v Cranfield United, Stotfold Res v London Colney

SOUTH WEST PENINSULA LEAGUE Premier East: Bishops Lyeford v Bridport, Crediton United v Stoke Gabriel & Torbay Police, Honiton Tn v Bovey Tracey, Newton Abbot Spurs v Middlezoy Rovers, Teignmouth v Ilfracombe Tn, Torrington v Ilminster Tn

SOUTH WEST PENINSULA LEAGUE Premier West: Falmouth Tn Res v Dobwalls, Holsworthy v St Day, Launceston v Elburton Villa, Penzance v Camelford, Wendron United v Bude Tn

UNITED COUNTIES LEAGUE Premier North: Belper United v Wisbech Tn, Blackstones v Sherwood Colliery, Boston Tn v Hucknall Tn, Deeping Rangers v Newark Tn, Grantham Tn v Kimberley MW, Gresley Rovers v Eastwood CFC, Melton Tn v Harrowby United, Newark & Sherwood v Clay Cross Tn, Skegness Tn v Ashby Ivanhoe

UNITED COUNTIES LEAGUE Premier South: Coventry United v Easington Sports, Hinckley AFC v Godmanchester Rovers, Histon v Atherstone Tn, Leicester Nirvana v Eynesbury Rovers, Lutterworth Tn v March Tn United, Moulton v Northampton ON Chenecks, Newport Pagnell Tn v Daventry Tn, Northampton Sileby Rangers v Nuneaton Tn, Yaxley v GNG Oadby Tn

UNITED COUNTIES LEAGUE Division One: Coalville Tn v Pinchbeck United, Dunkirk v Shirebrook Tn, Gedling MW v Staveley MW, Pinxton v Dronfield Tn, Rainworth MW v Radford, Retford v Clifton All Whites, Sandiacre Tn v Retford United, Sleaford Tn v Holwell Sports, Stapleford Tn v South Normanton Athletic, Swallownest v FCV Grace Dieu, West Bridgford v Clipstone

WESSEX LEAGUE Premier: Andover New Street v East Cowes Victoria, Baffins Milton Rovers v Millbrook, Bemerton Heath Harlequins v Downton, Cowes Sports v Sherborne Tn, Hamble Club v Christchurch, Hythe & Dibden v Bournemouth, Laverstock & Ford v Brockenhurst, New Milton Tn v Wincanton Tn, Petersfield Tn v Hamworthy Recreation, Portland United v AFC Stoneham

WESSEX LEAGUE Division One: AFC Aldermaston v Newport (IoW), Alresford Tn v Frimley Green, Ash United v Fleetlands, Clanfield v Cove, Colden Common v Blackfield & Langley, Fawley AFC v Kintbury Rangers, Hamworthy United v Totton & Eling, Romsey Tn v Lymington Tn, US Portsmouth v Amesbury Tn, Whitchurch United v Ringwood Tn, Yateley United v Folland Sports

WESTERN LEAGUE Premier: Barnstaple Tn v Clevedon Tn, Helston Athletic v Oldland Abbotonians, Newquay v Brislington, Radstock Rovers v Ivybridge Tn, Saltash United v Bridgwater United, St Blazey v Bradford Tn, Wellington v Shepton Mallet (ko 2pm)

WESTERN LEAGUE Division One: Almondsbury v Bristol Telephones, Avonmouth v Sturminster Newton, Cadbury Heath v Mendip Broadwalk, Calne Tn v Odd Down, Cheddar v Warminster Tn, Devizes Tn v Keynsham Tn, Hengrove Athletic v Welton Rovers, Radstock Tn v AEK Boco, Shirehampton v Longwell Green Sports

SUNDAY, APRIL 12
Ko 3pm unless stated

UNITED COUNTIES LEAGUE Premier North: Heanor Tn v AFC Mansfield
